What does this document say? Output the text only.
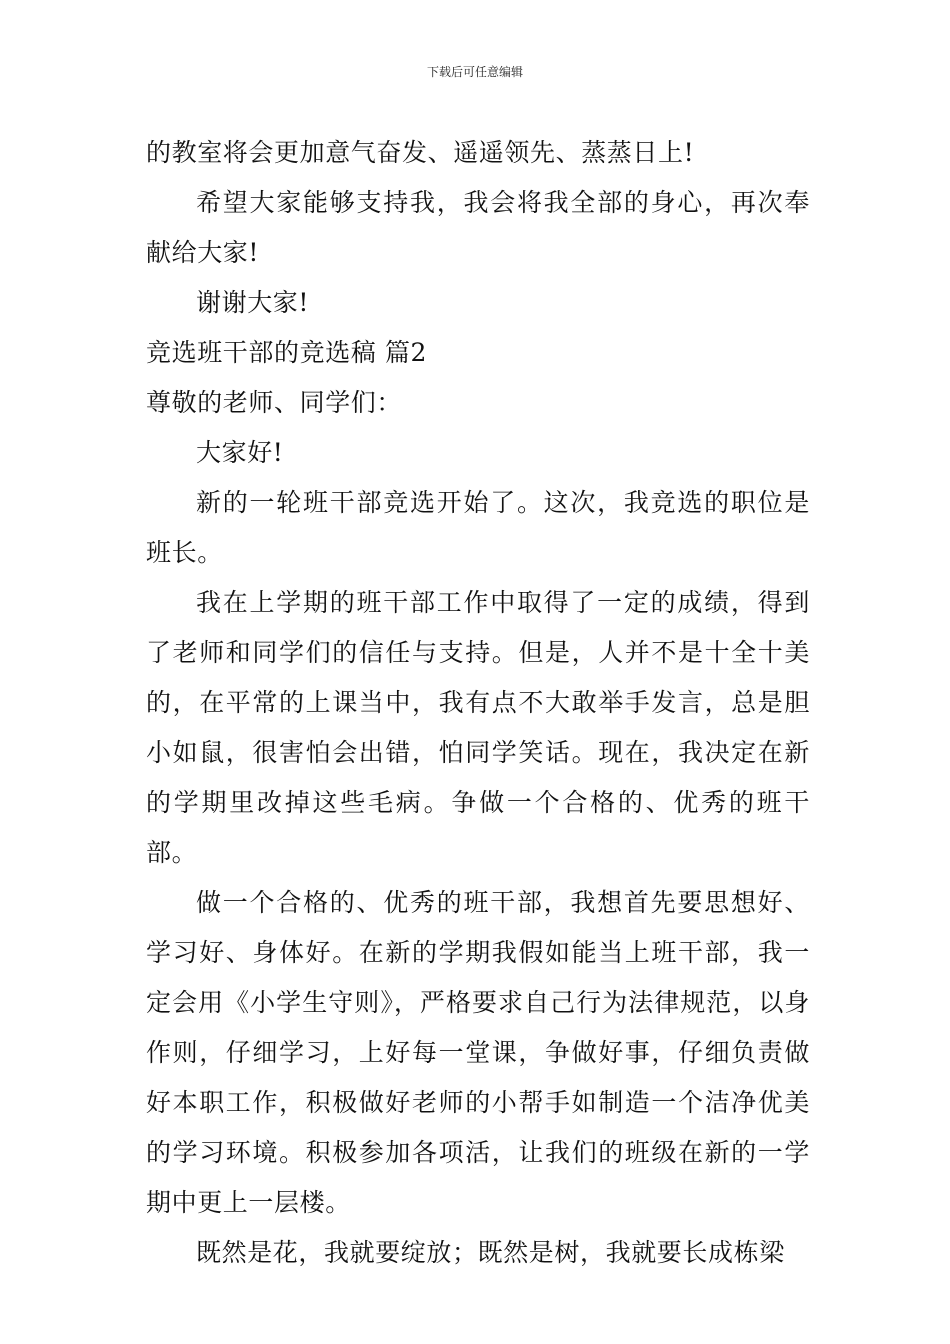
下载后可任意编辑

的教室将会更加意气奋发、遥遥领先、蒸蒸日上!

希望大家能够支持我，我会将我全部的身心，再次奉献给大家!

谢谢大家!

竞选班干部的竞选稿 篇2

尊敬的老师、同学们：

大家好!

新的一轮班干部竞选开始了。这次，我竞选的职位是班长。

我在上学期的班干部工作中取得了一定的成绩，得到了老师和同学们的信任与支持。但是，人并不是十全十美的，在平常的上课当中，我有点不大敢举手发言，总是胆小如鼠，很害怕会出错，怕同学笑话。现在，我决定在新的学期里改掉这些毛病。争做一个合格的、优秀的班干部。

做一个合格的、优秀的班干部，我想首先要思想好、学习好、身体好。在新的学期我假如能当上班干部，我一定会用《小学生守则》，严格要求自己行为法律规范，以身作则，仔细学习，上好每一堂课，争做好事，仔细负责做好本职工作，积极做好老师的小帮手如制造一个洁净优美的学习环境。积极参加各项活，让我们的班级在新的一学期中更上一层楼。

既然是花，我就要绽放；既然是树，我就要长成栋梁
